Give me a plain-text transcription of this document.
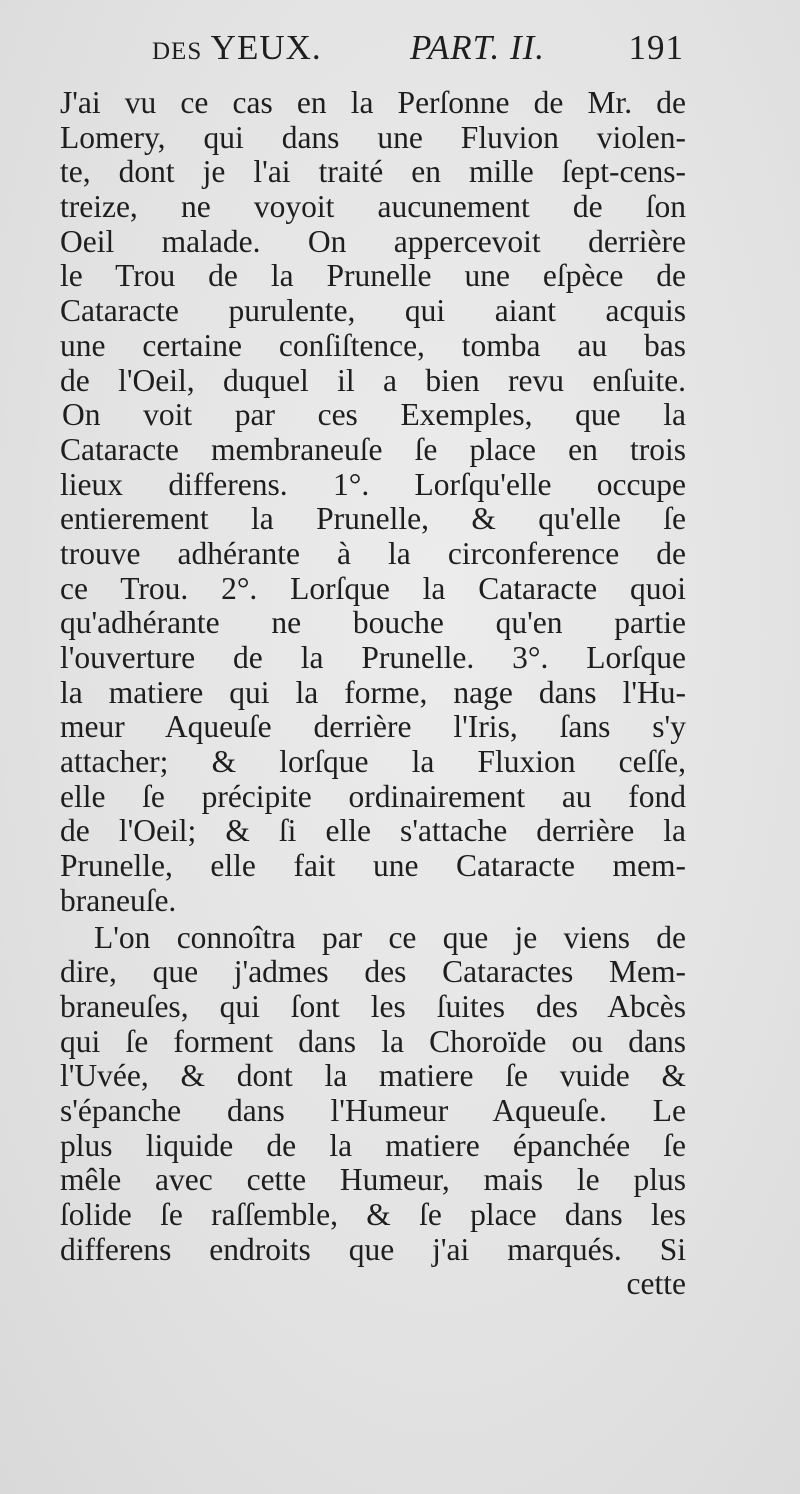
des YEUX.	PART. II. 191
J'ai vu ce cas en la Perſonne de Mr. de
Lomery, qui dans une Fluvion violen-
te, dont je l'ai traité en mille ſept-cens-
treize, ne voyoit aucunement de ſon
Oeil malade. On appercevoit derrière
le Trou de la Prunelle une eſpèce de
Cataracte purulente, qui aiant acquis
une certaine conſiſtence, tomba au bas
de l'Oeil, duquel il a bien revu enſuite.
On voit par ces Exemples, que la
Cataracte membraneuſe ſe place en trois
lieux differens. 1°. Lorſqu'elle occupe
entierement la Prunelle, & qu'elle ſe
trouve adhérante à la circonference de
ce Trou. 2°. Lorſque la Cataracte quoi
qu'adhérante ne bouche qu'en partie
l'ouverture de la Prunelle. 3°. Lorſque
la matiere qui la forme, nage dans l'Hu-
meur Aqueuſe derrière l'Iris, ſans s'y
attacher; & lorſque la Fluxion ceſſe,
elle ſe précipite ordinairement au fond
de l'Oeil; & ſi elle s'attache derrière la
Prunelle, elle fait une Cataracte mem-
braneuſe.
L'on connoîtra par ce que je viens de
dire, que j'admes des Cataractes Mem-
braneuſes, qui ſont les ſuites des Abcès
qui ſe forment dans la Choroïde ou dans
l'Uvée, & dont la matiere ſe vuide &
s'épanche dans l'Humeur Aqueuſe. Le
plus liquide de la matiere épanchée ſe
mêle avec cette Humeur, mais le plus
ſolide ſe raſſemble, & ſe place dans les
differens endroits que j'ai marqués. Si
cette
